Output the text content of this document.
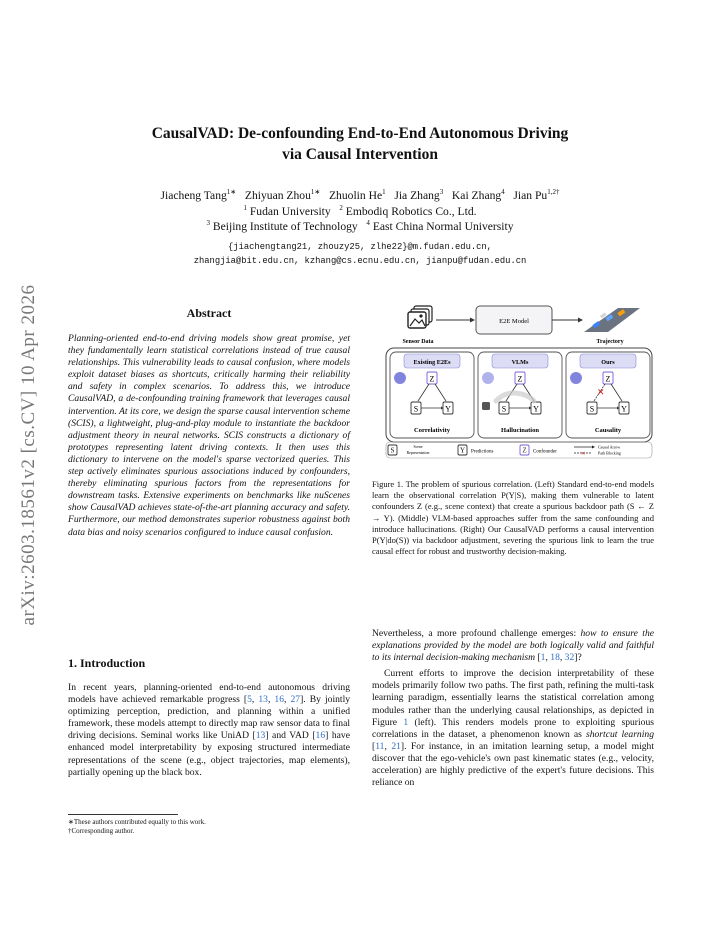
arXiv:2603.18561v2 [cs.CV] 10 Apr 2026
CausalVAD: De-confounding End-to-End Autonomous Driving
via Causal Intervention
Jiacheng Tang$^{1∗}$ Zhiyuan Zhou$^{1∗}$ Zhuolin He$^1$ Jia Zhang$^3$ Kai Zhang$^4$ Jian $Pu^{1,2\dagger}$
$^1$ Fudan University $^2$ Embodiq Robotics Co., Ltd.
$^3$ Beijing Institute of Technology $^4$ East China Normal University
{jiachengtang21, zhouzy25, zlhe22}@m.fudan.edu.cn,
zhangjia@bit.edu.cn, kzhang@cs.ecnu.edu.cn, jianpu@fudan.edu.cn
Abstract
Planning-oriented end-to-end driving models show great promise, yet they fundamentally learn statistical correlations instead of true causal relationships. This vulnerability leads to causal confusion, where models exploit dataset biases as shortcuts, critically harming their reliability and safety in complex scenarios. To address this, we introduce CausalVAD, a de-confounding training framework that leverages causal intervention. At its core, we design the sparse causal intervention scheme (SCIS), a lightweight, plug-and-play module to instantiate the backdoor adjustment theory in neural networks. SCIS constructs a dictionary of prototypes representing latent driving contexts. It then uses this dictionary to intervene on the model's sparse vectorized queries. This step actively eliminates spurious associations induced by confounders, thereby eliminating spurious factors from the representations for downstream tasks. Extensive experiments on benchmarks like nuScenes show CausalVAD achieves state-of-the-art planning accuracy and safety. Furthermore, our method demonstrates superior robustness against both data bias and noisy scenarios configured to induce causal confusion.
1. Introduction
In recent years, planning-oriented end-to-end autonomous driving models have achieved remarkable progress [5, 13, 16, 27]. By jointly optimizing perception, prediction, and planning within a unified framework, these models attempt to directly map raw sensor data to final driving decisions. Seminal works like UniAD [13] and VAD [16] have enhanced model interpretability by exposing structured intermediate representations of the scene (e.g., object trajectories, map elements), partially opening up the black box.
∗These authors contributed equally to this work.
†Corresponding author.
Sensor Data
E2E Model
Trajectory
Existing E2Es
Z
S	Y
Correlativity
VLMs
Z
S	Y
Hallucination
Ours
Z
S	Y
✕
Causality
S	Scene
Representation	Y Predictions	Z Confounder
Causal Arrow
✕	Path Blocking
Figure 1. The problem of spurious correlation. (Left) Standard end-to-end models learn the observational correlation P(Y|S), making them vulnerable to latent confounders Z (e.g., scene context) that create a spurious backdoor path (S ← Z → Y). (Middle) VLM-based approaches suffer from the same confounding and introduce hallucinations. (Right) Our CausalVAD performs a causal intervention P(Y|do(S)) via backdoor adjustment, severing the spurious link to learn the true causal effect for robust and trustworthy decision-making.

Nevertheless, a more profound challenge emerges: how to ensure the explanations provided by the model are both logically valid and faithful to its internal decision-making mechanism [1, 18, 32]?

Current efforts to improve the decision interpretability of these models primarily follow two paths. The first path, refining the multi-task learning paradigm, essentially learns the statistical correlation among modules rather than the underlying causal relationships, as depicted in Figure 1 (left). This renders models prone to exploiting spurious correlations in the dataset, a phenomenon known as shortcut learning [11, 21]. For instance, in an imitation learning setup, a model might discover that the ego-vehicle's own past kinematic states (e.g., velocity, acceleration) are highly predictive of the expert's future decisions. This reliance on
